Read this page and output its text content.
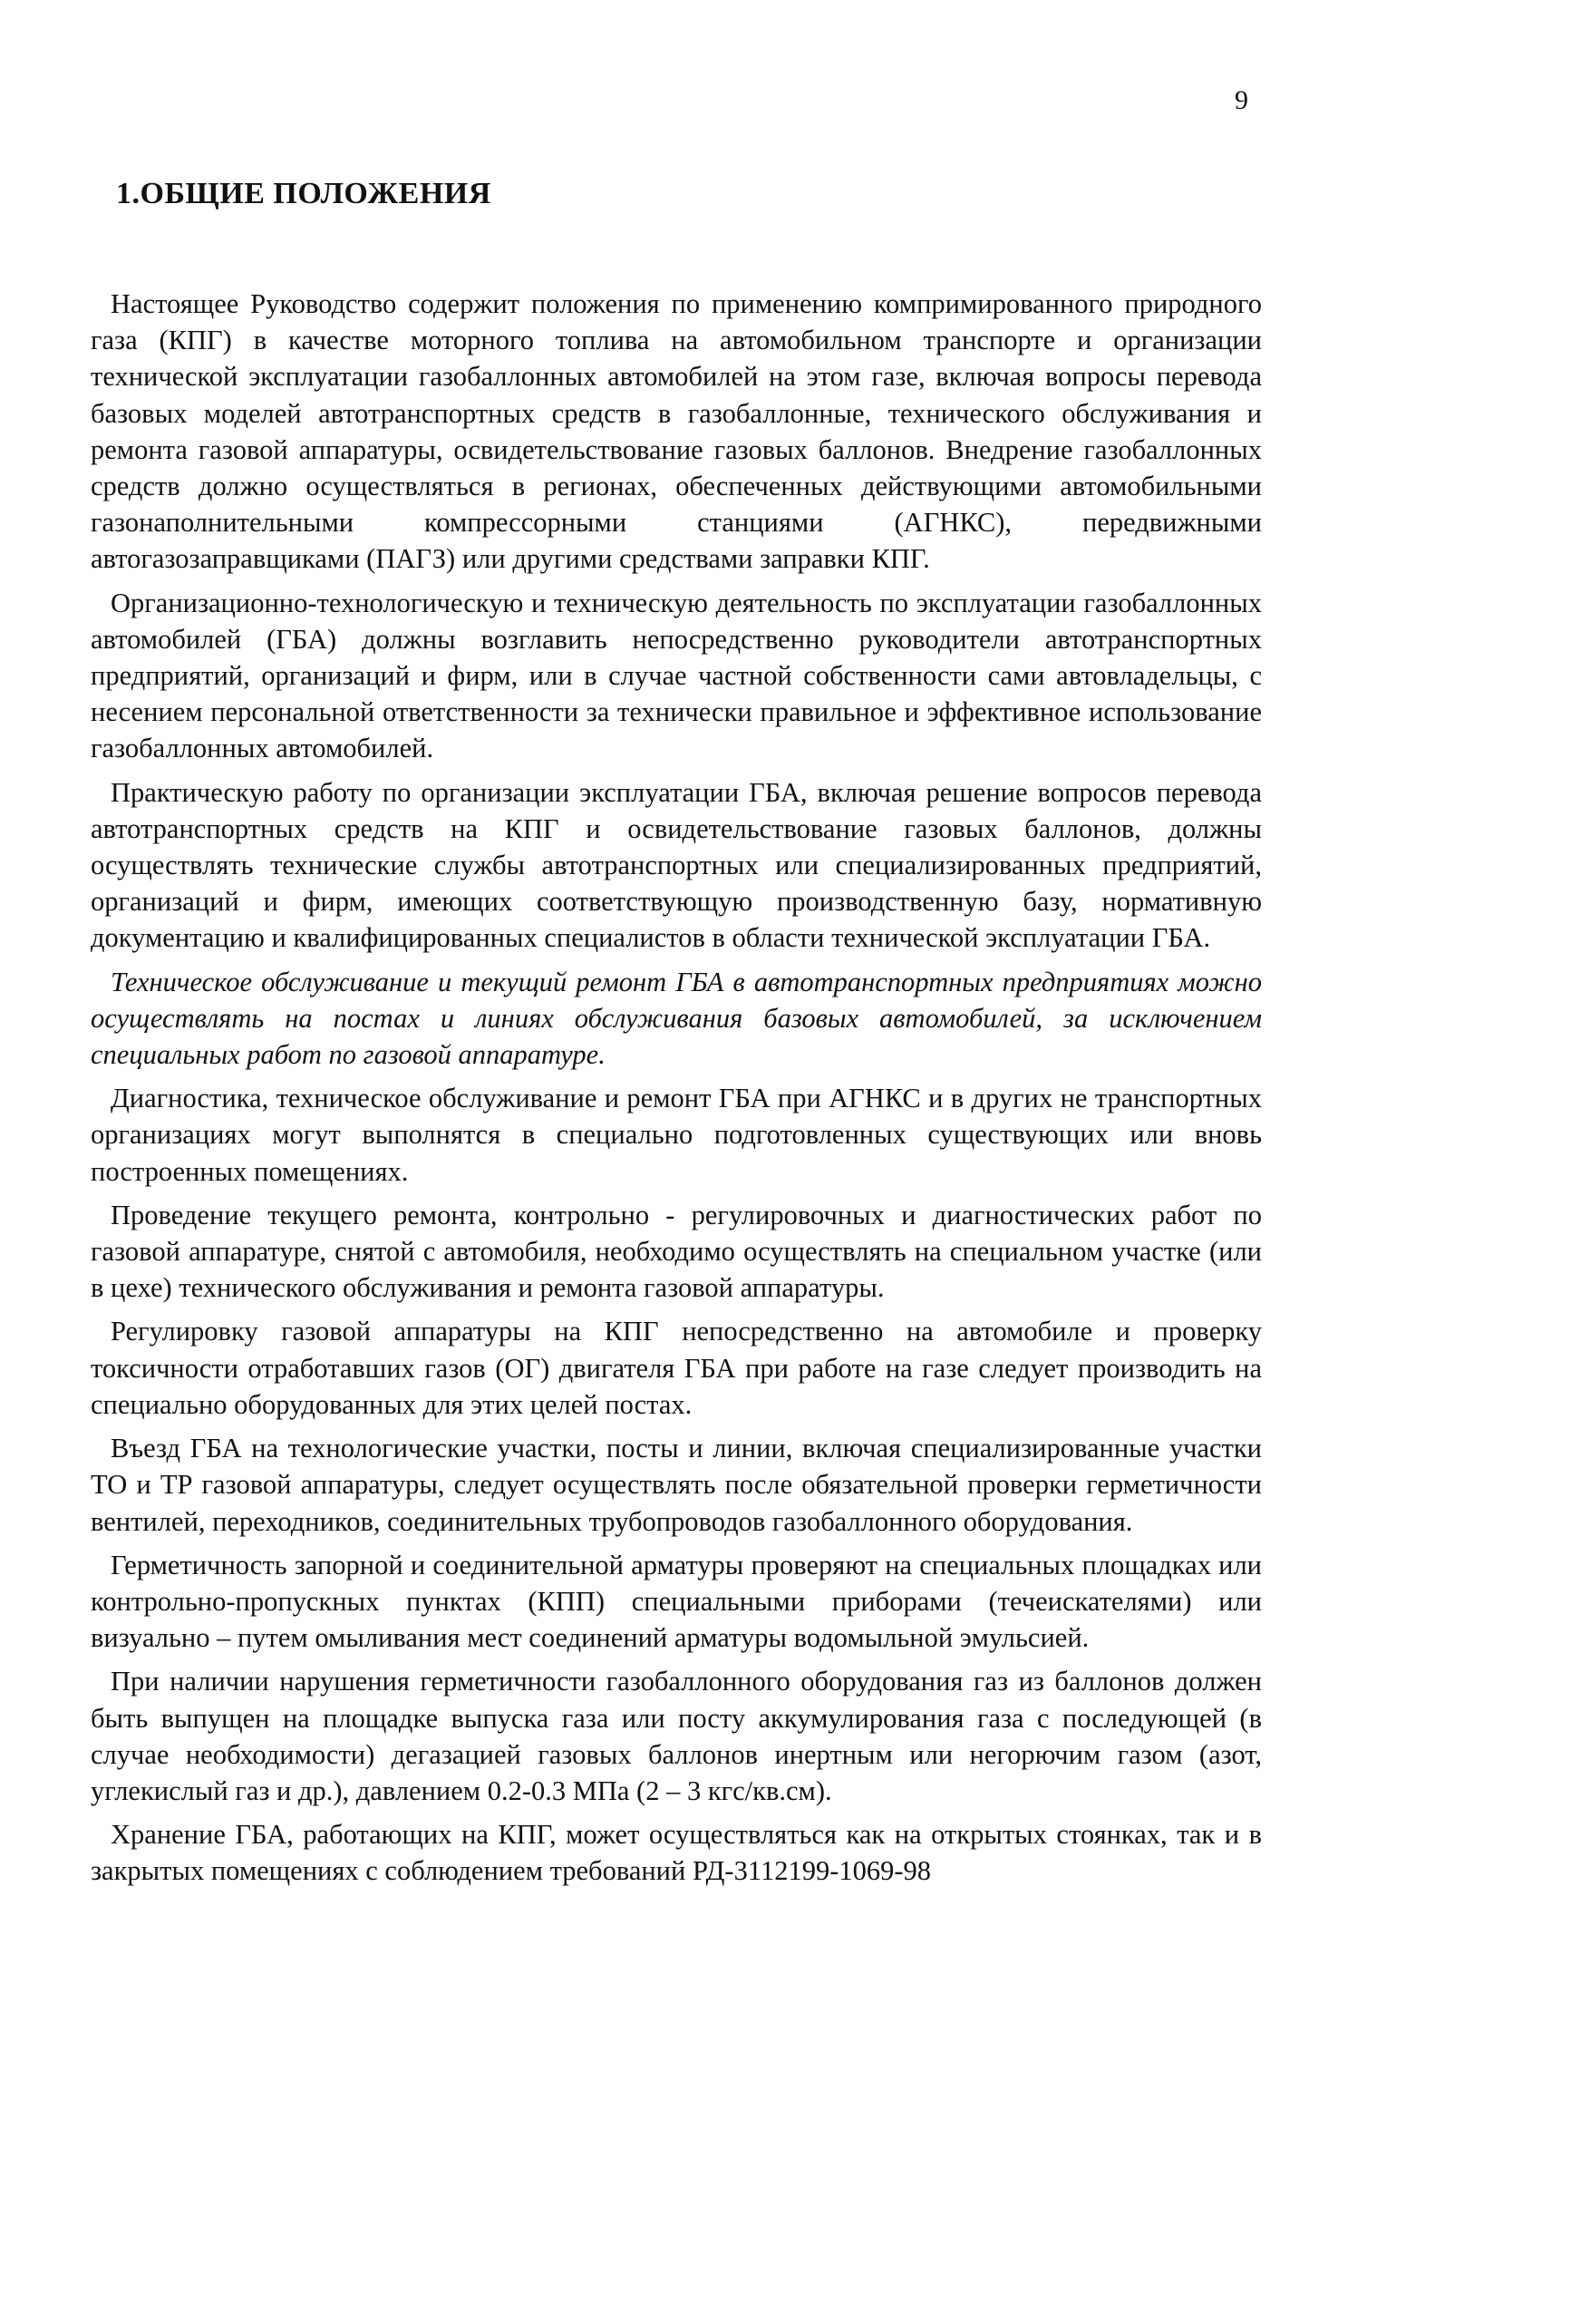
9
1.ОБЩИЕ ПОЛОЖЕНИЯ

Настоящее Руководство содержит положения по применению компримированного природного газа (КПГ) в качестве моторного топлива на автомобильном транспорте и организации технической эксплуатации газобаллонных автомобилей на этом газе, включая вопросы перевода базовых моделей автотранспортных средств в газобаллонные, технического обслуживания и ремонта газовой аппаратуры, освидетельствование газовых баллонов. Внедрение газобаллонных средств должно осуществляться в регионах, обеспеченных действующими автомобильными газонаполнительными компрессорными станциями (АГНКС), передвижными автогазозаправщиками (ПАГЗ) или другими средствами заправки КПГ.

Организационно-технологическую и техническую деятельность по эксплуатации газобаллонных автомобилей (ГБА) должны возглавить непосредственно руководители автотранспортных предприятий, организаций и фирм, или в случае частной собственности сами автовладельцы, с несением персональной ответственности за технически правильное и эффективное использование газобаллонных автомобилей.

Практическую работу по организации эксплуатации ГБА, включая решение вопросов перевода автотранспортных средств на КПГ и освидетельствование газовых баллонов, должны осуществлять технические службы автотранспортных или специализированных предприятий, организаций и фирм, имеющих соответствующую производственную базу, нормативную документацию и квалифицированных специалистов в области технической эксплуатации ГБА.

Техническое обслуживание и текущий ремонт ГБА в автотранспортных предприятиях можно осуществлять на постах и линиях обслуживания базовых автомобилей, за исключением специальных работ по газовой аппаратуре.

Диагностика, техническое обслуживание и ремонт ГБА при АГНКС и в других не транспортных организациях могут выполнятся в специально подготовленных существующих или вновь построенных помещениях.

Проведение текущего ремонта, контрольно - регулировочных и диагностических работ по газовой аппаратуре, снятой с автомобиля, необходимо осуществлять на специальном участке (или в цехе) технического обслуживания и ремонта газовой аппаратуры.

Регулировку газовой аппаратуры на КПГ непосредственно на автомобиле и проверку токсичности отработавших газов (ОГ) двигателя ГБА при работе на газе следует производить на специально оборудованных для этих целей постах.

Въезд ГБА на технологические участки, посты и линии, включая специализированные участки ТО и ТР газовой аппаратуры, следует осуществлять после обязательной проверки герметичности вентилей, переходников, соединительных трубопроводов газобаллонного оборудования.

Герметичность запорной и соединительной арматуры проверяют на специальных площадках или контрольно-пропускных пунктах (КПП) специальными приборами (течеискателями) или визуально – путем омыливания мест соединений арматуры водомыльной эмульсией.

При наличии нарушения герметичности газобаллонного оборудования газ из баллонов должен быть выпущен на площадке выпуска газа или посту аккумулирования газа с последующей (в случае необходимости) дегазацией газовых баллонов инертным или негорючим газом (азот, углекислый газ и др.), давлением 0.2-0.3 МПа (2 – 3 кгс/кв.см).

Хранение ГБА, работающих на КПГ, может осуществляться как на открытых стоянках, так и в закрытых помещениях с соблюдением требований РД-3112199-1069-98
